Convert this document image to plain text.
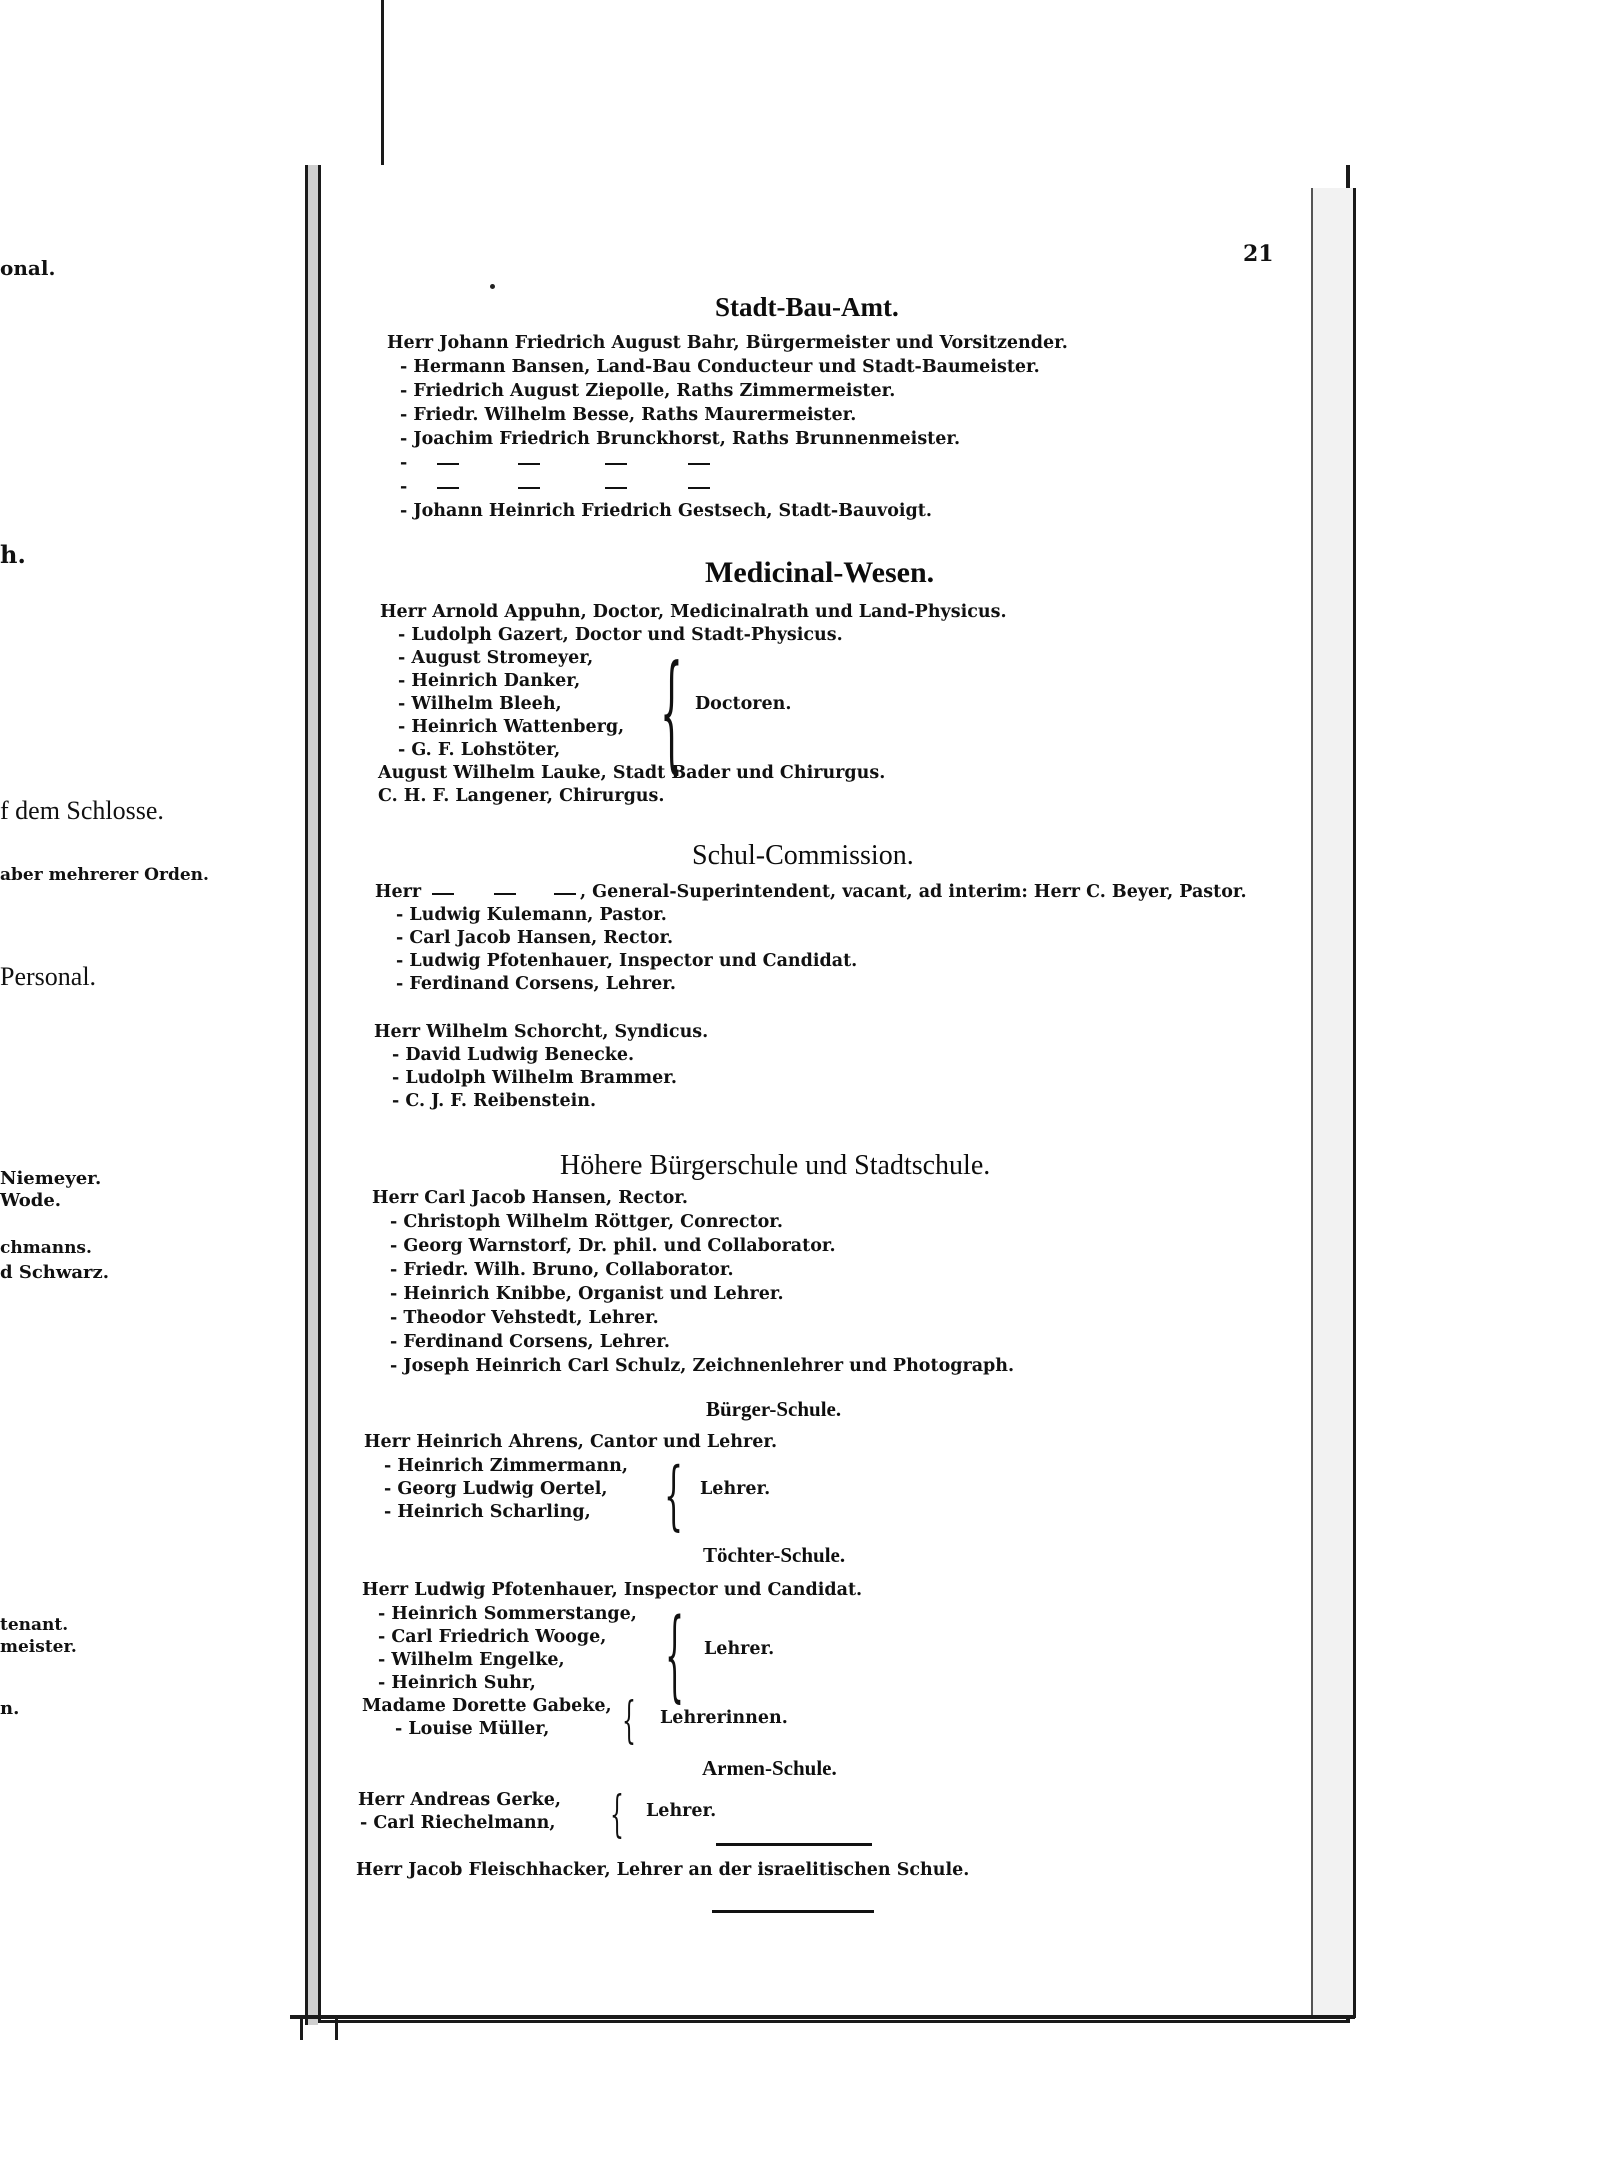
onal.
h.
f dem Schlosse.
aber mehrerer Orden.
Personal.
Niemeyer.
Wode.
chmanns.
d Schwarz.
n.
tenant.
meister.
21
Stadt-Bau-Amt.
Herr Johann Friedrich August Bahr, Bürgermeister und Vorsitzender.
- Hermann Bansen, Land-Bau Conducteur und Stadt-Baumeister.
- Friedrich August Ziepolle, Raths Zimmermeister.
- Friedr. Wilhelm Besse, Raths Maurermeister.
- Joachim Friedrich Brunckhorst, Raths Brunnenmeister.
-
-
- Johann Heinrich Friedrich Gestsech, Stadt-Bauvoigt.
Medicinal-Wesen.
Herr Arnold Appuhn, Doctor, Medicinalrath und Land-Physicus.
- Ludolph Gazert, Doctor und Stadt-Physicus.
- August Stromeyer,
- Heinrich Danker,
- Wilhelm Bleeh,
- Heinrich Wattenberg,
- G. F. Lohstöter, { Doctoren.
August Wilhelm Lauke, Stadt Bader und Chirurgus.
C. H. F. Langener, Chirurgus.
Schul-Commission.
Herr	, General-Superintendent, vacant, ad interim: Herr C. Beyer, Pastor.
- Ludwig Kulemann, Pastor.
- Carl Jacob Hansen, Rector.
- Ludwig Pfotenhauer, Inspector und Candidat.
- Ferdinand Corsens, Lehrer.
Herr Wilhelm Schorcht, Syndicus.
- David Ludwig Benecke.
- Ludolph Wilhelm Brammer.
- C. J. F. Reibenstein.
Höhere Bürgerschule und Stadtschule.
Herr Carl Jacob Hansen, Rector.
- Christoph Wilhelm Röttger, Conrector.
- Georg Warnstorf, Dr. phil. und Collaborator.
- Friedr. Wilh. Bruno, Collaborator.
- Heinrich Knibbe, Organist und Lehrer.
- Theodor Vehstedt, Lehrer.
- Ferdinand Corsens, Lehrer.
- Joseph Heinrich Carl Schulz, Zeichnenlehrer und Photograph.
Bürger-Schule.
Herr Heinrich Ahrens, Cantor und Lehrer.
- Heinrich Zimmermann,
- Georg Ludwig Oertel,
- Heinrich Scharling, { Lehrer.
Töchter-Schule.
Herr Ludwig Pfotenhauer, Inspector und Candidat.
- Heinrich Sommerstange,
- Carl Friedrich Wooge,
- Wilhelm Engelke,
- Heinrich Suhr, { Lehrer.
Madame Dorette Gabeke,
- Louise Müller, { Lehrerinnen.
Armen-Schule.
Herr Andreas Gerke,
- Carl Riechelmann, { Lehrer.
Herr Jacob Fleischhacker, Lehrer an der israelitischen Schule.
